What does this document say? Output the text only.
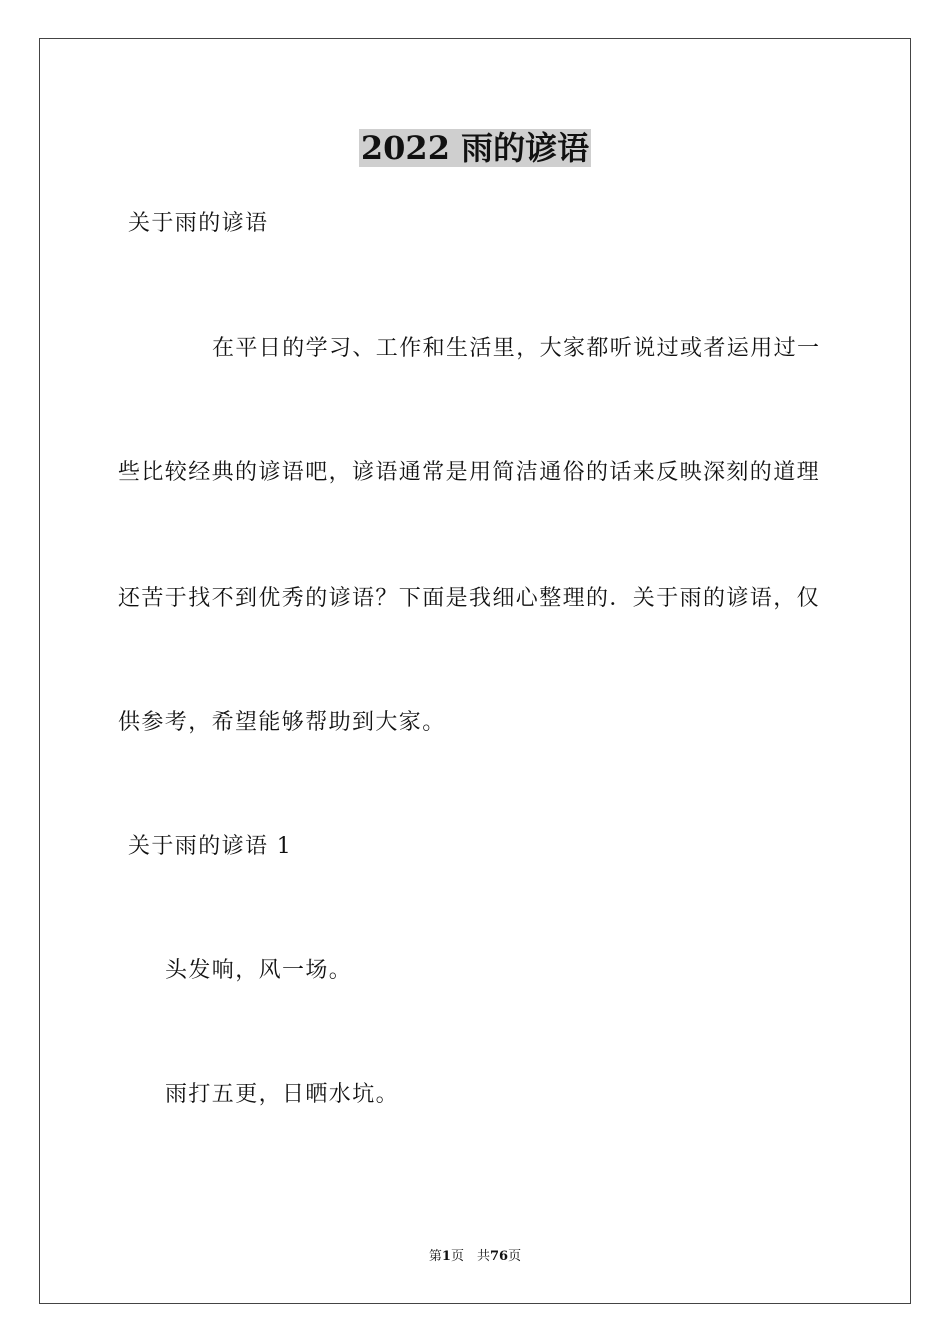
2022 雨的谚语
关于雨的谚语
在平日的学习、工作和生活里，大家都听说过或者运用过一
些比较经典的谚语吧，谚语通常是用简洁通俗的话来反映深刻的道理
还苦于找不到优秀的谚语？下面是我细心整理的．关于雨的谚语，仅
供参考，希望能够帮助到大家。
关于雨的谚语 1
头发响，风一场。
雨打五更，日晒水坑。
第1页　共76页
